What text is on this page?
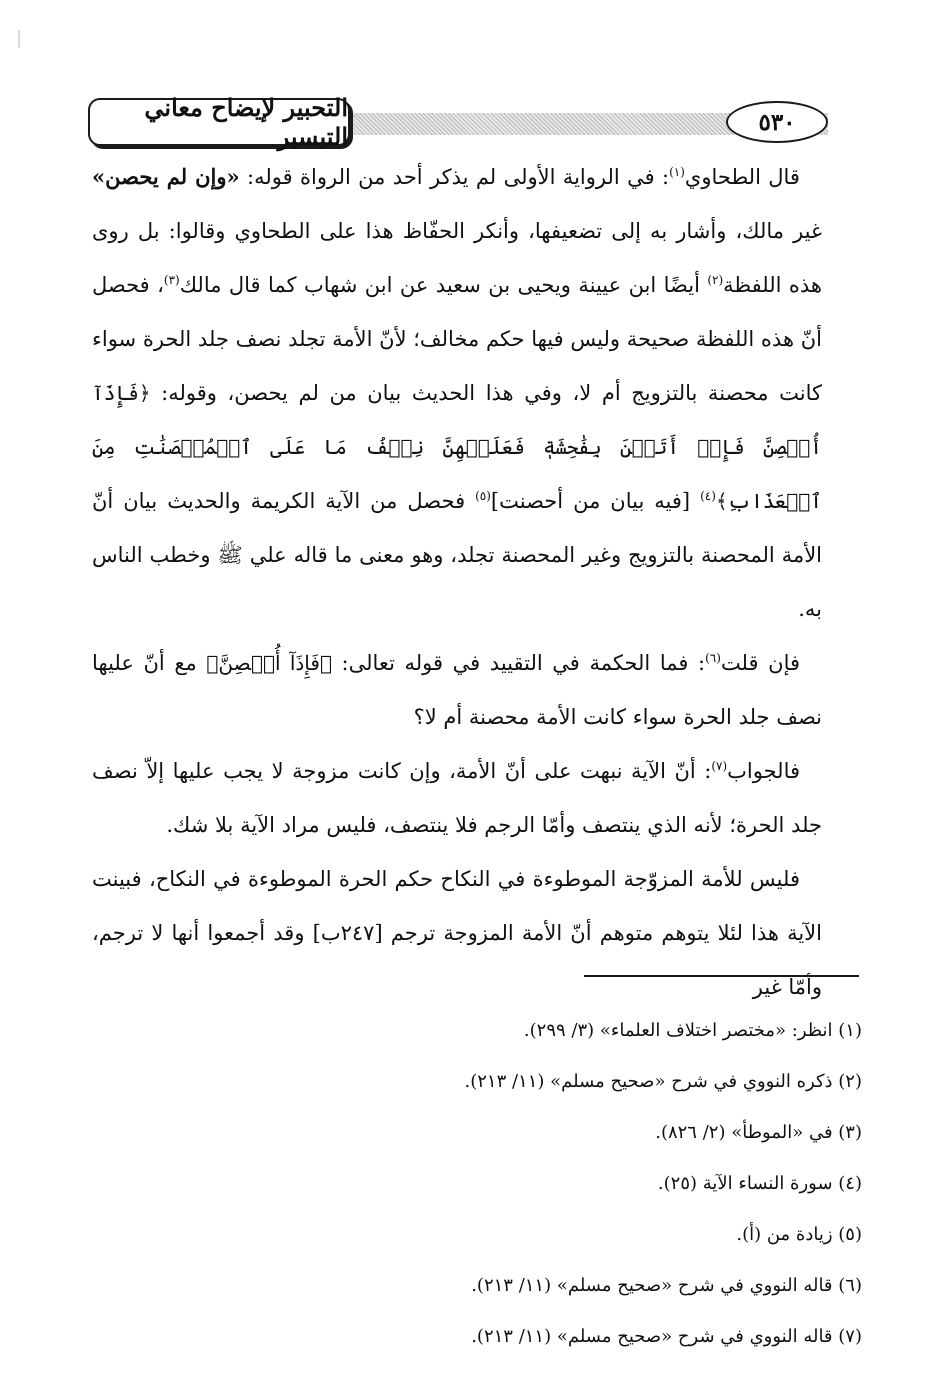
التحبير لإيضاح معاني التيسير	٥٣٠

قال الطحاوي$^{(١)}$: في الرواية الأولى لم يذكر أحد من الرواة قوله: «وإن لم يحصن» غير مالك، وأشار به إلى تضعيفها، وأنكر الحفّاظ هذا على الطحاوي وقالوا: بل روى هذه اللفظة$^{(٢)}$ أيضًا ابن عيينة ويحيى بن سعيد عن ابن شهاب كما قال مالك$^{(٣)}$، فحصل أنّ هذه اللفظة صحيحة وليس فيها حكم مخالف؛ لأنّ الأمة تجلد نصف جلد الحرة سواء كانت محصنة بالتزويج أم لا، وفي هذا الحديث بيان من لم يحصن، وقوله: ﴿فَإِذَآ أُحۡصِنَّ فَإِنۡ أَتَيۡنَ بِفَٰحِشَةٖ فَعَلَيۡهِنَّ نِصۡفُ مَا عَلَى ٱلۡمُحۡصَنَٰتِ مِنَ ٱلۡعَذَابِ﴾$^{(٤)}$ [فيه بيان من أحصنت]$^{(٥)}$ فحصل من الآية الكريمة والحديث بيان أنّ الأمة المحصنة بالتزويج وغير المحصنة تجلد، وهو معنى ما قاله علي ﷺ وخطب الناس به.

فإن قلت$^{(٦)}$: فما الحكمة في التقييد في قوله تعالى: ﴿فَإِذَآ أُحۡصِنَّ﴾ مع أنّ عليها نصف جلد الحرة سواء كانت الأمة محصنة أم لا؟

فالجواب$^{(٧)}$: أنّ الآية نبهت على أنّ الأمة، وإن كانت مزوجة لا يجب عليها إلاّ نصف جلد الحرة؛ لأنه الذي ينتصف وأمّا الرجم فلا ينتصف، فليس مراد الآية بلا شك.

فليس للأمة المزوّجة الموطوءة في النكاح حكم الحرة الموطوءة في النكاح، فبينت الآية هذا لئلا يتوهم متوهم أنّ الأمة المزوجة ترجم [٢٤٧ب] وقد أجمعوا أنها لا ترجم، وأمّا غير

(١) انظر: «مختصر اختلاف العلماء» (٣/ ٢٩٩).

(٢) ذكره النووي في شرح «صحيح مسلم» (١١/ ٢١٣).

(٣) في «الموطأ» (٢/ ٨٢٦).

(٤) سورة النساء الآية (٢٥).

(٥) زيادة من (أ).

(٦) قاله النووي في شرح «صحيح مسلم» (١١/ ٢١٣).

(٧) قاله النووي في شرح «صحيح مسلم» (١١/ ٢١٣).
